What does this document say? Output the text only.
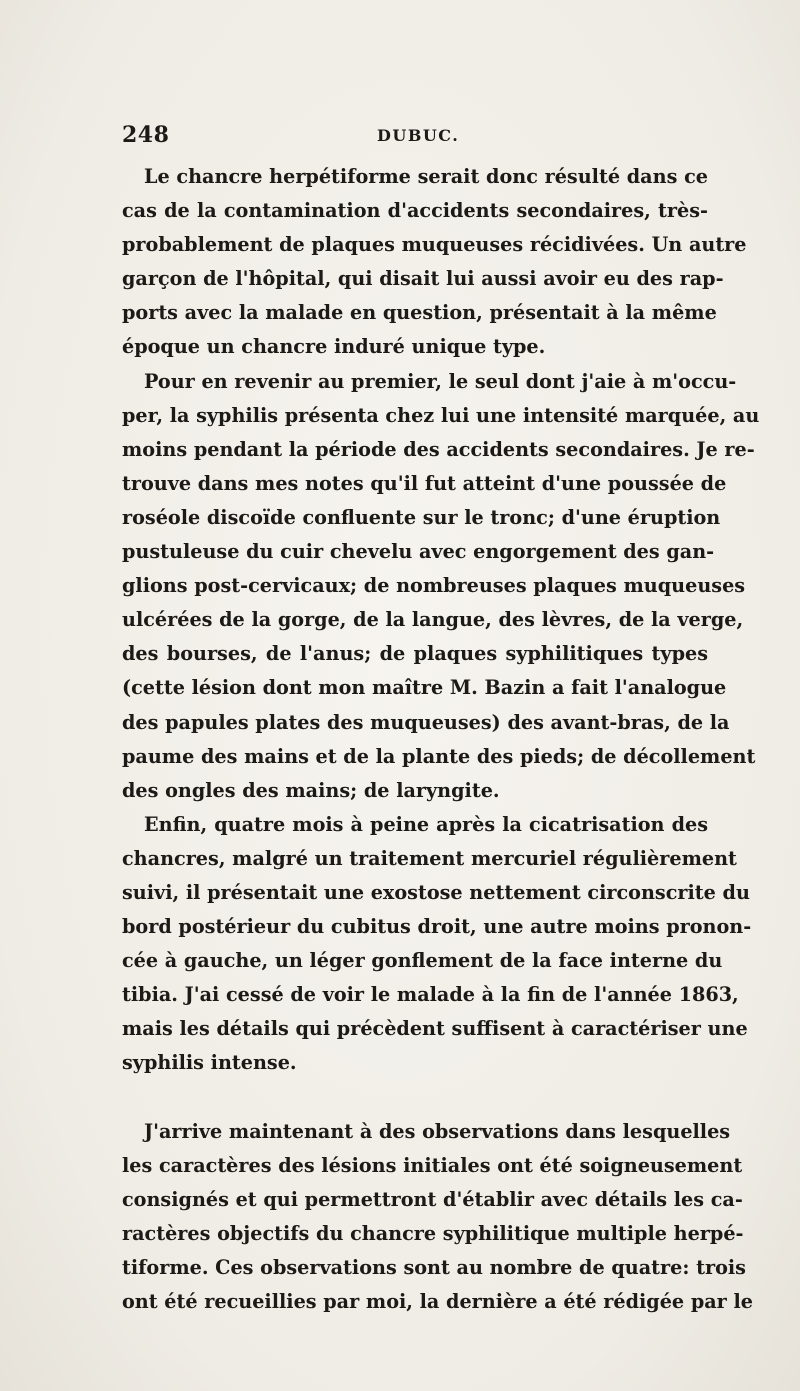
248	DUBUC.
Le chancre herpétiforme serait donc résulté dans ce
cas de la contamination d'accidents secondaires, très-
probablement de plaques muqueuses récidivées. Un autre
garçon de l'hôpital, qui disait lui aussi avoir eu des rap-
ports avec la malade en question, présentait à la même
époque un chancre induré unique type.
Pour en revenir au premier, le seul dont j'aie à m'occu-
per, la syphilis présenta chez lui une intensité marquée, au
moins pendant la période des accidents secondaires. Je re-
trouve dans mes notes qu'il fut atteint d'une poussée de
roséole discoïde confluente sur le tronc; d'une éruption
pustuleuse du cuir chevelu avec engorgement des gan-
glions post-cervicaux; de nombreuses plaques muqueuses
ulcérées de la gorge, de la langue, des lèvres, de la verge,
des bourses, de l'anus; de plaques syphilitiques types
(cette lésion dont mon maître M. Bazin a fait l'analogue
des papules plates des muqueuses) des avant-bras, de la
paume des mains et de la plante des pieds; de décollement
des ongles des mains; de laryngite.
Enfin, quatre mois à peine après la cicatrisation des
chancres, malgré un traitement mercuriel régulièrement
suivi, il présentait une exostose nettement circonscrite du
bord postérieur du cubitus droit, une autre moins pronon-
cée à gauche, un léger gonflement de la face interne du
tibia. J'ai cessé de voir le malade à la fin de l'année 1863,
mais les détails qui précèdent suffisent à caractériser une
syphilis intense.
J'arrive maintenant à des observations dans lesquelles
les caractères des lésions initiales ont été soigneusement
consignés et qui permettront d'établir avec détails les ca-
ractères objectifs du chancre syphilitique multiple herpé-
tiforme. Ces observations sont au nombre de quatre: trois
ont été recueillies par moi, la dernière a été rédigée par le
